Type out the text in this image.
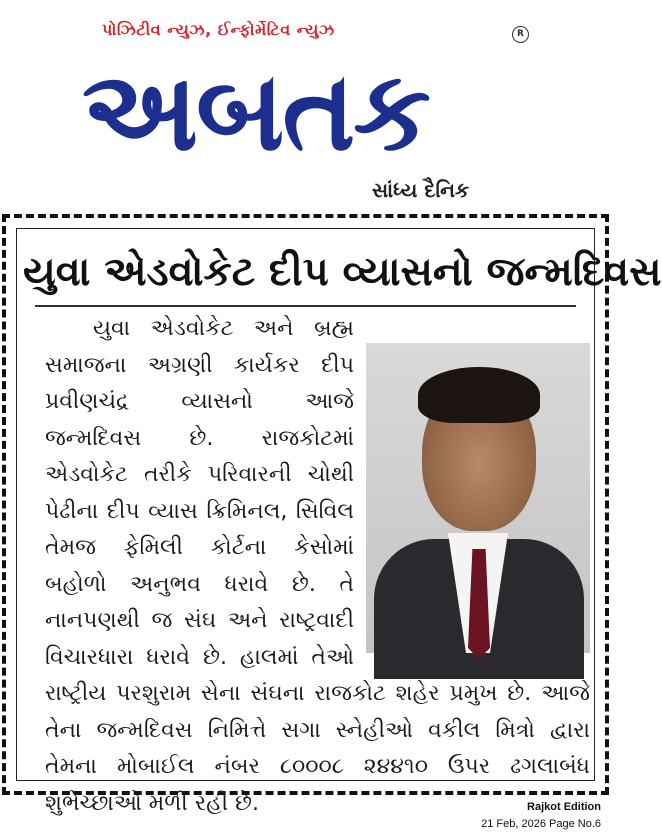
પોઝિટીવ ન્યુઝ, ઈન્ફોર્મેટિવ ન્યુઝ	R
અબતક
સાંધ્ય દૈનિક
યુવા એડવોકેટ દીપ વ્યાસનો જન્મદિવસ
યુવા એડવોકેટ અને બ્રહ્મ સમાજના અગ્રણી કાર્યકર દીપ પ્રવીણચંદ્ર વ્યાસનો આજે જન્મદિવસ છે. રાજકોટમાં એડવોકેટ તરીકે પરિવારની ચોથી પેઢીના દીપ વ્યાસ ક્રિમિનલ, સિવિલ તેમજ ફેમિલી કોર્ટના કેસોમાં બહોળો અનુભવ ધરાવે છે. તે નાનપણથી જ સંઘ અને રાષ્ટ્રવાદી વિચારધારા ધરાવે છે. હાલમાં તેઓ રાષ્ટ્રીય પરશુરામ સેના સંઘના રાજકોટ શહેર પ્રમુખ છે. આજે તેના જન્મદિવસ નિમિત્તે સગા સ્નેહીઓ વકીલ મિત્રો દ્વારા તેમના મોબાઈલ નંબર ૮૦૦૦૮ ૨૪૪૧૦ ઉપર ઢગલાબંધ શુભેચ્છાઓ મળી રહી છે.	Rajkot Edition
21 Feb, 2026 Page No.6
